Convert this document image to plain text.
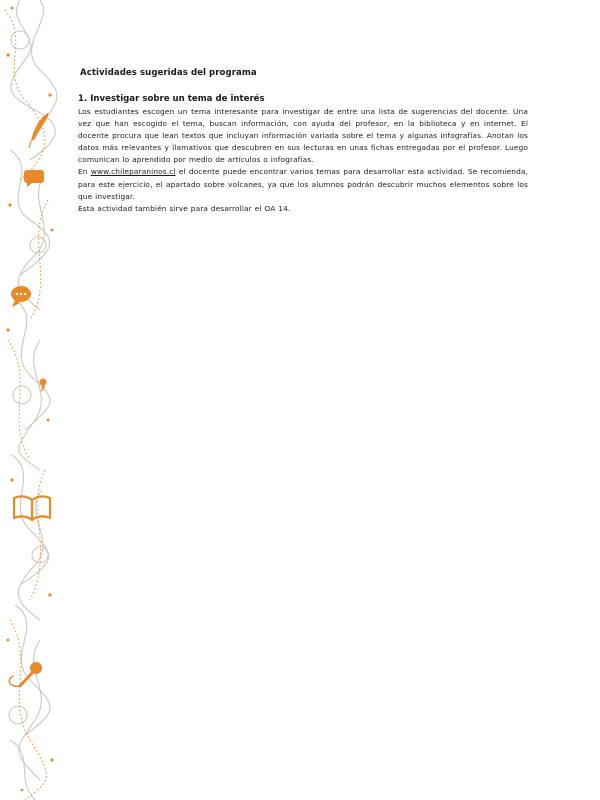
Actividades sugeridas del programa
1. Investigar sobre un tema de interés

Los estudiantes escogen un tema interesante para investigar de entre una lista de sugerencias del docente. Una vez que han escogido el tema, buscan información, con ayuda del profesor, en la biblioteca y en internet. El docente procura que lean textos que incluyan información variada sobre el tema y algunas infografías. Anotan los datos más relevantes y llamativos que descubren en sus lecturas en unas fichas entregadas por el profesor. Luego comunican lo aprendido por medio de artículos o infografías.

En www.chileparaninos.cl el docente puede encontrar varios temas para desarrollar esta actividad. Se recomienda, para este ejercicio, el apartado sobre volcanes, ya que los alumnos podrán descubrir muchos elementos sobre los que investigar.

Esta actividad también sirve para desarrollar el OA 14.
